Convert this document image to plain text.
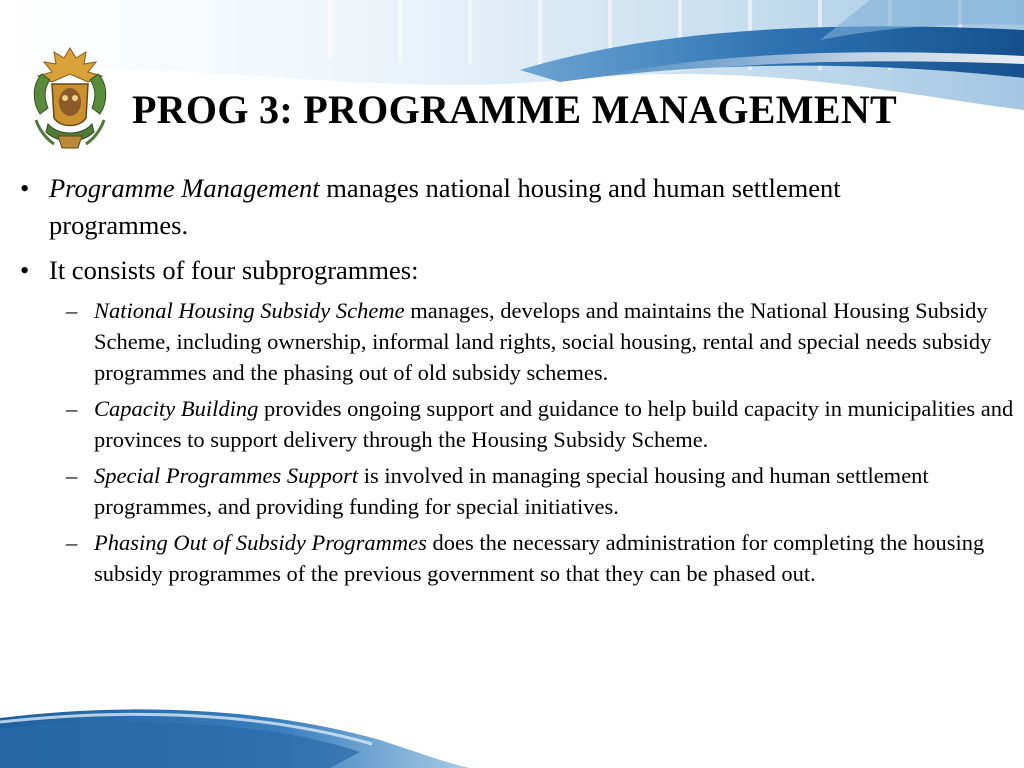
PROG 3: PROGRAMME MANAGEMENT
• Programme Management manages national housing and human settlement programmes.
• It consists of four subprogrammes:
– National Housing Subsidy Scheme manages, develops and maintains the National Housing Subsidy Scheme, including ownership, informal land rights, social housing, rental and special needs subsidy programmes and the phasing out of old subsidy schemes.
– Capacity Building provides ongoing support and guidance to help build capacity in municipalities and provinces to support delivery through the Housing Subsidy Scheme.
– Special Programmes Support is involved in managing special housing and human settlement programmes, and providing funding for special initiatives.
– Phasing Out of Subsidy Programmes does the necessary administration for completing the housing subsidy programmes of the previous government so that they can be phased out.
